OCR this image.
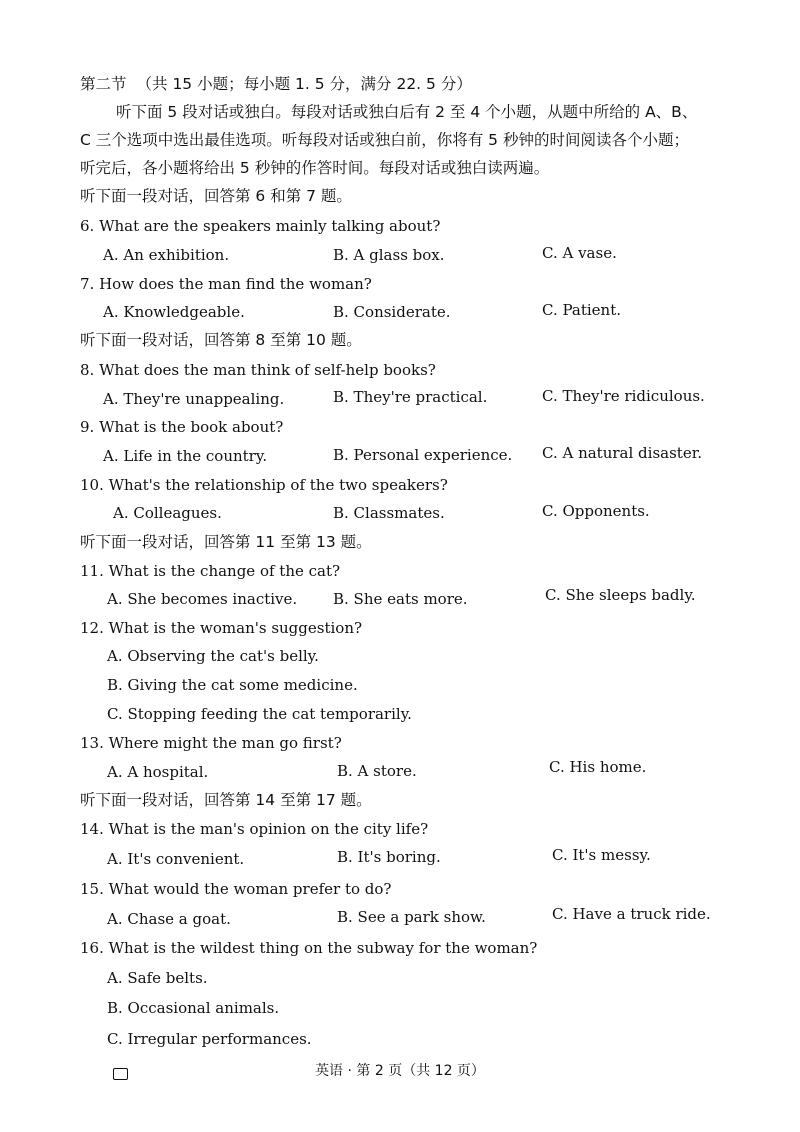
第二节 （共 15 小题；每小题 1. 5 分，满分 22. 5 分）
听下面 5 段对话或独白。每段对话或独白后有 2 至 4 个小题，从题中所给的 A、B、
C 三个选项中选出最佳选项。听每段对话或独白前，你将有 5 秒钟的时间阅读各个小题；
听完后，各小题将给出 5 秒钟的作答时间。每段对话或独白读两遍。
听下面一段对话，回答第 6 和第 7 题。
6. What are the speakers mainly talking about?
A. An exhibition.	B. A glass box.	C. A vase.
7. How does the man find the woman?
A. Knowledgeable.	B. Considerate.	C. Patient.
听下面一段对话，回答第 8 至第 10 题。
8. What does the man think of self-help books?
A. They're unappealing.	B. They're practical.	C. They're ridiculous.
9. What is the book about?
A. Life in the country.	B. Personal experience. C. A natural disaster.
10. What's the relationship of the two speakers?
A. Colleagues.	B. Classmates.	C. Opponents.
听下面一段对话，回答第 11 至第 13 题。
11. What is the change of the cat?
A. She becomes inactive. B. She eats more.	C. She sleeps badly.
12. What is the woman's suggestion?
A. Observing the cat's belly.
B. Giving the cat some medicine.
C. Stopping feeding the cat temporarily.
13. Where might the man go first?
A. A hospital.	B. A store.	C. His home.
听下面一段对话，回答第 14 至第 17 题。
14. What is the man's opinion on the city life?
A. It's convenient.	B. It's boring.	C. It's messy.
15. What would the woman prefer to do?
A. Chase a goat.	B. See a park show.	C. Have a truck ride.
16. What is the wildest thing on the subway for the woman?
A. Safe belts.
B. Occasional animals.
C. Irregular performances.
英语 · 第 2 页（共 12 页）
